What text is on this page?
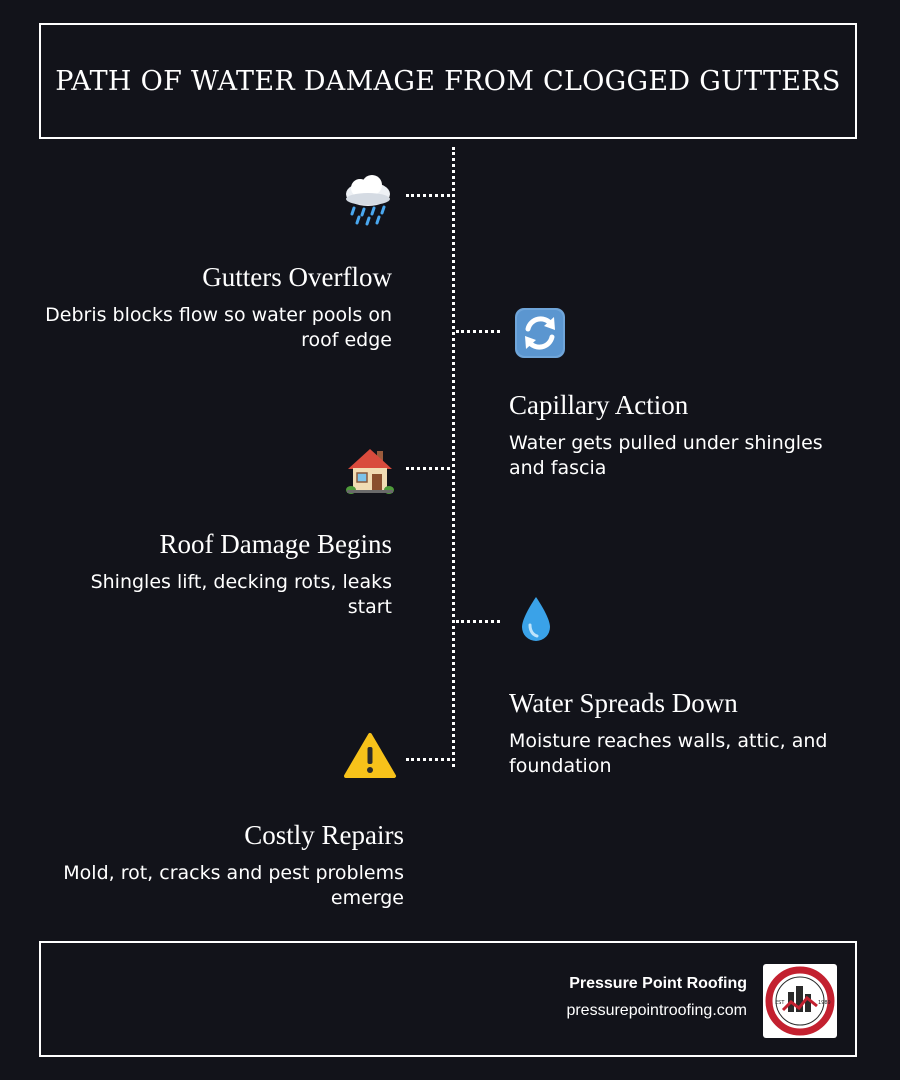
PATH OF WATER DAMAGE FROM CLOGGED GUTTERS
Gutters Overflow

Debris blocks flow so water pools on roof edge

Capillary Action

Water gets pulled under shingles and fascia

Roof Damage Begins

Shingles lift, decking rots, leaks start

Water Spreads Down

Moisture reaches walls, attic, and foundation

Costly Repairs

Mold, rot, cracks and pest problems emerge

Pressure Point Roofing
pressurepointroofing.com	EST	1989
